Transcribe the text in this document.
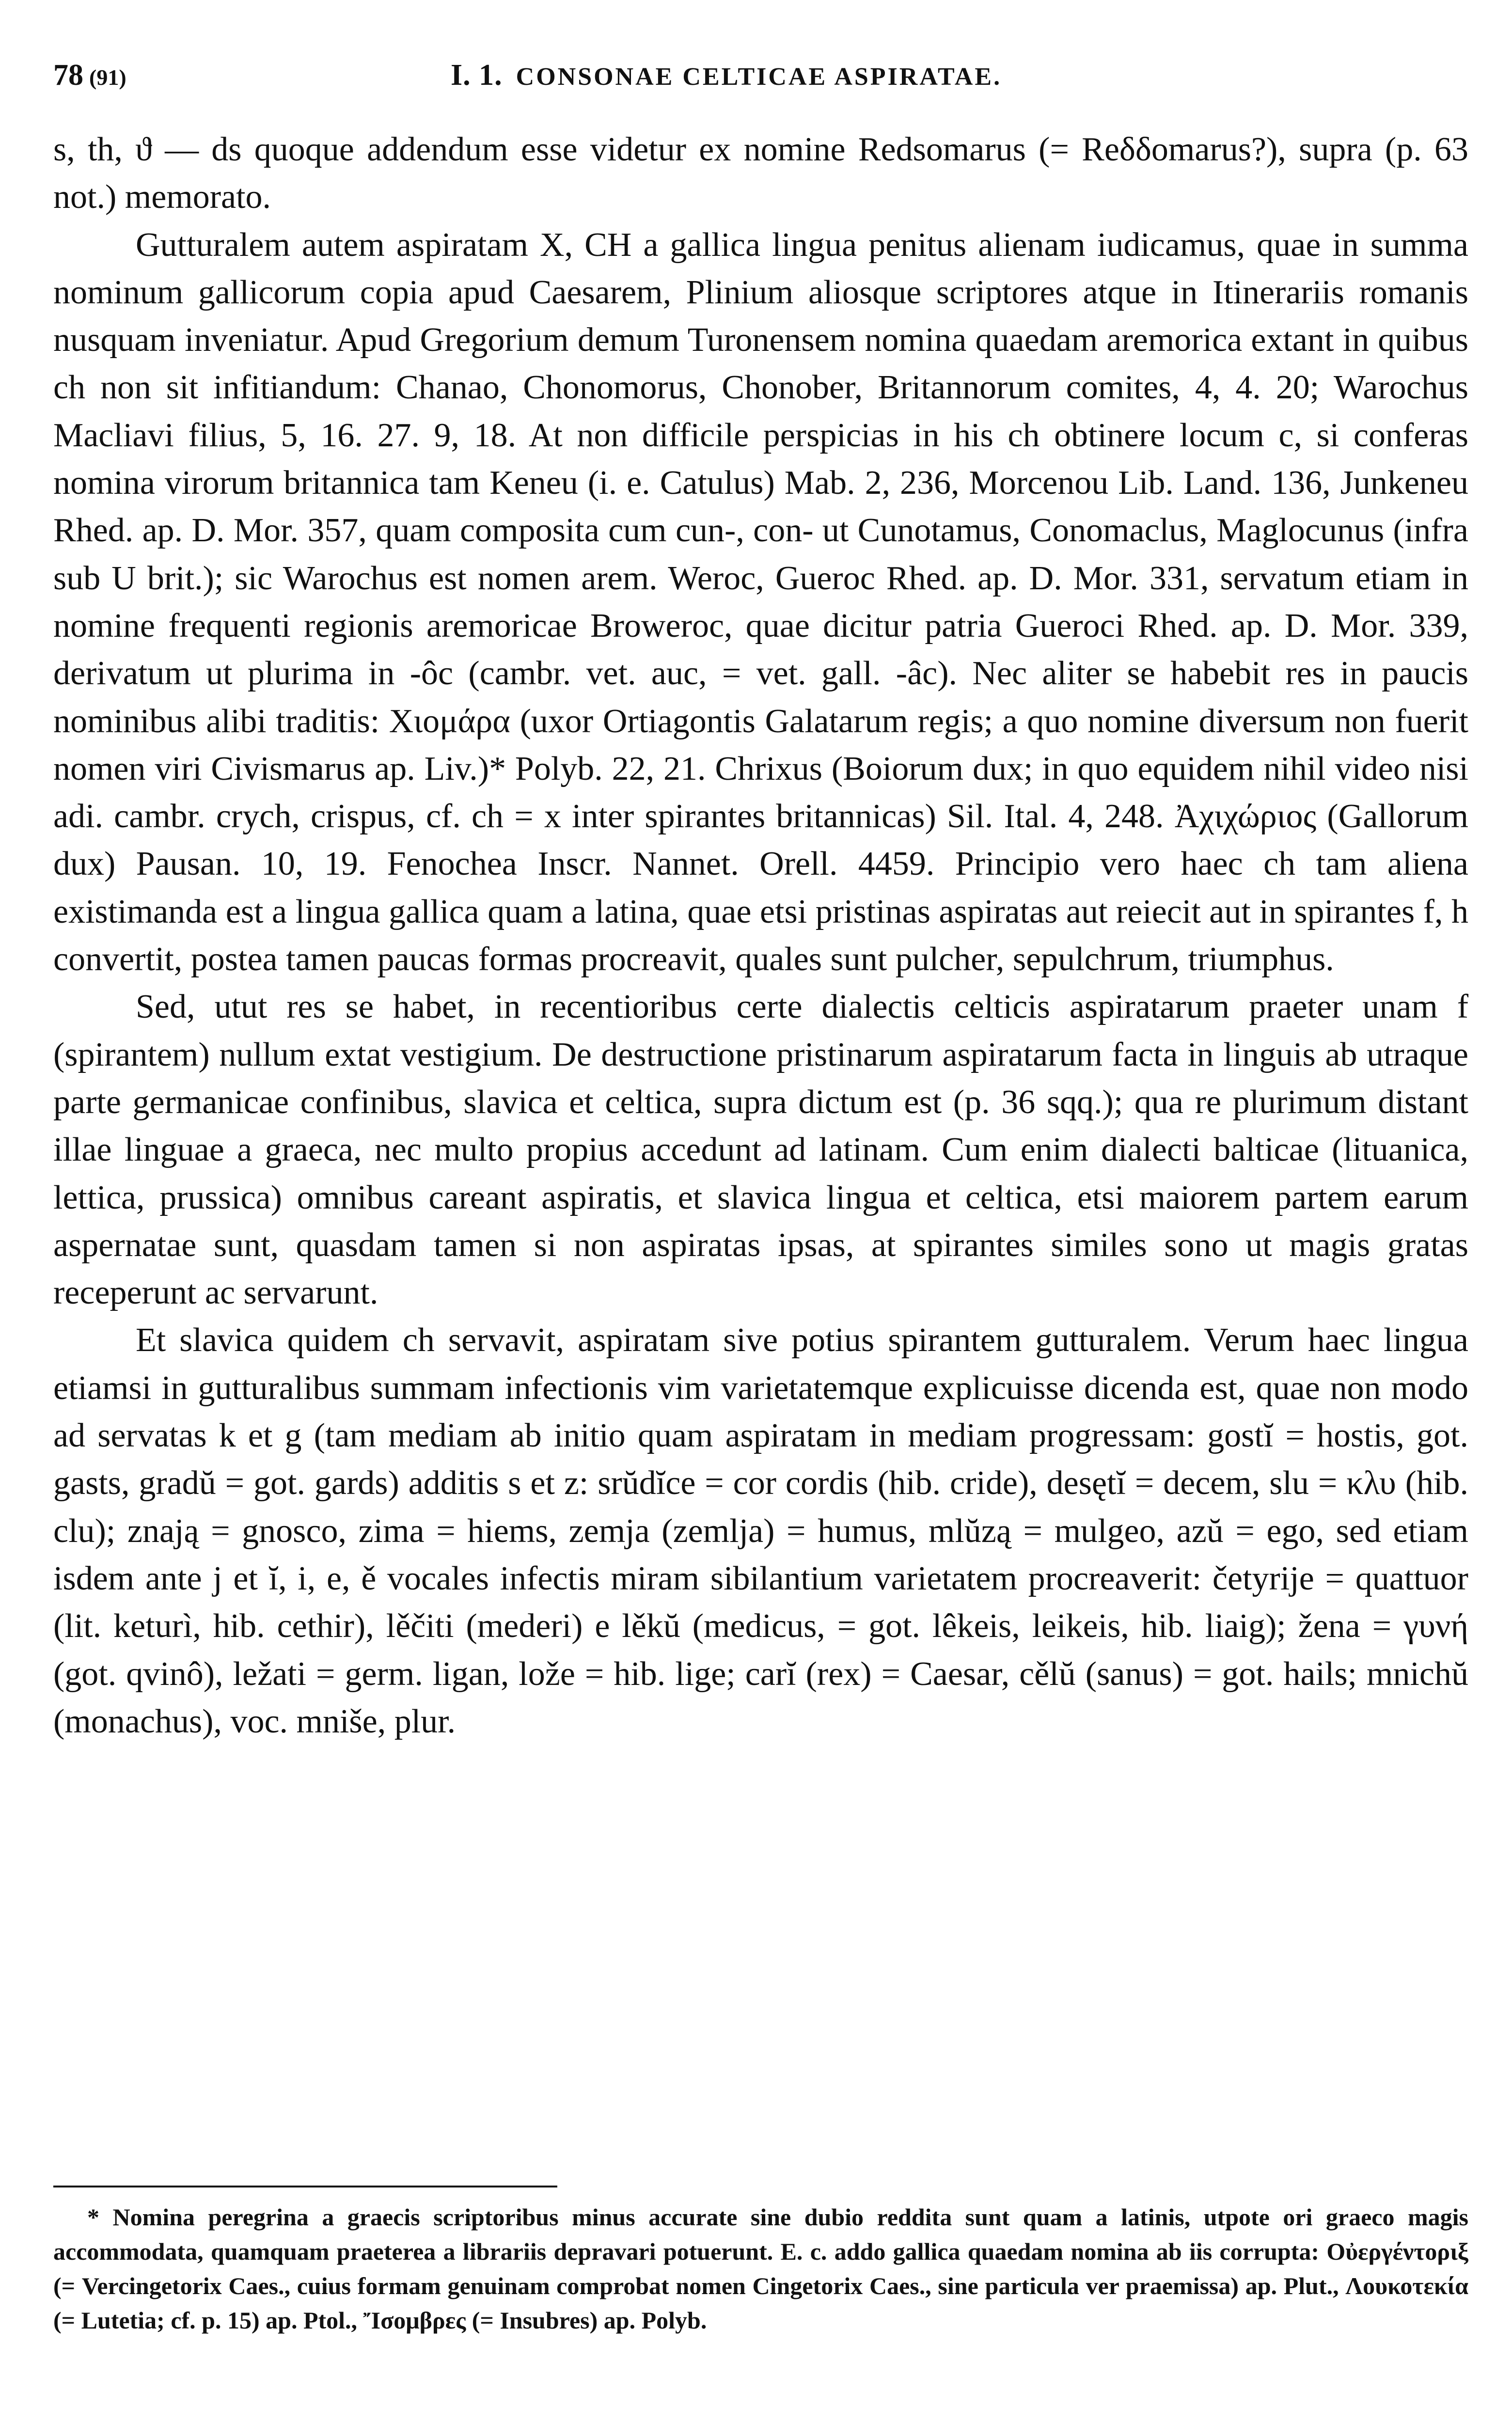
78 (91)	I. 1. CONSONAE CELTICAE ASPIRATAE.

s, th, ϑ — ds quoque addendum esse videtur ex nomine Redsomarus (= Reδδomarus?), supra (p. 63 not.) memorato.

Gutturalem autem aspiratam X, CH a gallica lingua penitus alienam iudicamus, quae in summa nominum gallicorum copia apud Caesarem, Plinium aliosque scriptores atque in Itinerariis romanis nusquam inveniatur. Apud Gregorium demum Turonensem nomina quaedam aremorica extant in quibus ch non sit infitiandum: Chanao, Chonomorus, Chonober, Britannorum comites, 4, 4. 20; Warochus Macliavi filius, 5, 16. 27. 9, 18. At non difficile perspicias in his ch obtinere locum c, si conferas nomina virorum britannica tam Keneu (i. e. Catulus) Mab. 2, 236, Morcenou Lib. Land. 136, Junkeneu Rhed. ap. D. Mor. 357, quam composita cum cun-, con- ut Cunotamus, Conomaclus, Maglocunus (infra sub U brit.); sic Warochus est nomen arem. Weroc, Gueroc Rhed. ap. D. Mor. 331, servatum etiam in nomine frequenti regionis aremoricae Broweroc, quae dicitur patria Gueroci Rhed. ap. D. Mor. 339, derivatum ut plurima in -ôc (cambr. vet. auc, = vet. gall. -âc). Nec aliter se habebit res in paucis nominibus alibi traditis: Χιομάρα (uxor Ortiagontis Galatarum regis; a quo nomine diversum non fuerit nomen viri Civismarus ap. Liv.)* Polyb. 22, 21. Chrixus (Boiorum dux; in quo equidem nihil video nisi adi. cambr. crych, crispus, cf. ch = x inter spirantes britannicas) Sil. Ital. 4, 248. Ἀχιχώριος (Gallorum dux) Pausan. 10, 19. Fenochea Inscr. Nannet. Orell. 4459. Principio vero haec ch tam aliena existimanda est a lingua gallica quam a latina, quae etsi pristinas aspiratas aut reiecit aut in spirantes f, h convertit, postea tamen paucas formas procreavit, quales sunt pulcher, sepulchrum, triumphus.

Sed, utut res se habet, in recentioribus certe dialectis celticis aspiratarum praeter unam f (spirantem) nullum extat vestigium. De destructione pristinarum aspiratarum facta in linguis ab utraque parte germanicae confinibus, slavica et celtica, supra dictum est (p. 36 sqq.); qua re plurimum distant illae linguae a graeca, nec multo propius accedunt ad latinam. Cum enim dialecti balticae (lituanica, lettica, prussica) omnibus careant aspiratis, et slavica lingua et celtica, etsi maiorem partem earum aspernatae sunt, quasdam tamen si non aspiratas ipsas, at spirantes similes sono ut magis gratas receperunt ac servarunt.

Et slavica quidem ch servavit, aspiratam sive potius spirantem gutturalem. Verum haec lingua etiamsi in gutturalibus summam infectionis vim varietatemque explicuisse dicenda est, quae non modo ad servatas k et g (tam mediam ab initio quam aspiratam in mediam progressam: gostĭ = hostis, got. gasts, gradŭ = got. gards) additis s et z: srŭdĭce = cor cordis (hib. cride), desętĭ = decem, slu = κλυ (hib. clu); znają = gnosco, zima = hiems, zemja (zemlja) = humus, mlŭzą = mulgeo, azŭ = ego, sed etiam isdem ante j et ĭ, i, e, ě vocales infectis miram sibilantium varietatem procreaverit: četyrije = quattuor (lit. keturì, hib. cethir), lěčiti (mederi) e lěkŭ (medicus, = got. lêkeis, leikeis, hib. liaig); žena = γυνή (got. qvinô), ležati = germ. ligan, lože = hib. lige; carĭ (rex) = Caesar, cělŭ (sanus) = got. hails; mnichŭ (monachus), voc. mniše, plur.

* Nomina peregrina a graecis scriptoribus minus accurate sine dubio reddita sunt quam a latinis, utpote ori graeco magis accommodata, quamquam praeterea a librariis depravari potuerunt. E. c. addo gallica quaedam nomina ab iis corrupta: Οὐεργέντοριξ (= Vercingetorix Caes., cuius formam genuinam comprobat nomen Cingetorix Caes., sine particula ver praemissa) ap. Plut., Λουκοτεκία (= Lutetia; cf. p. 15) ap. Ptol., Ἴσομβρες (= Insubres) ap. Polyb.
